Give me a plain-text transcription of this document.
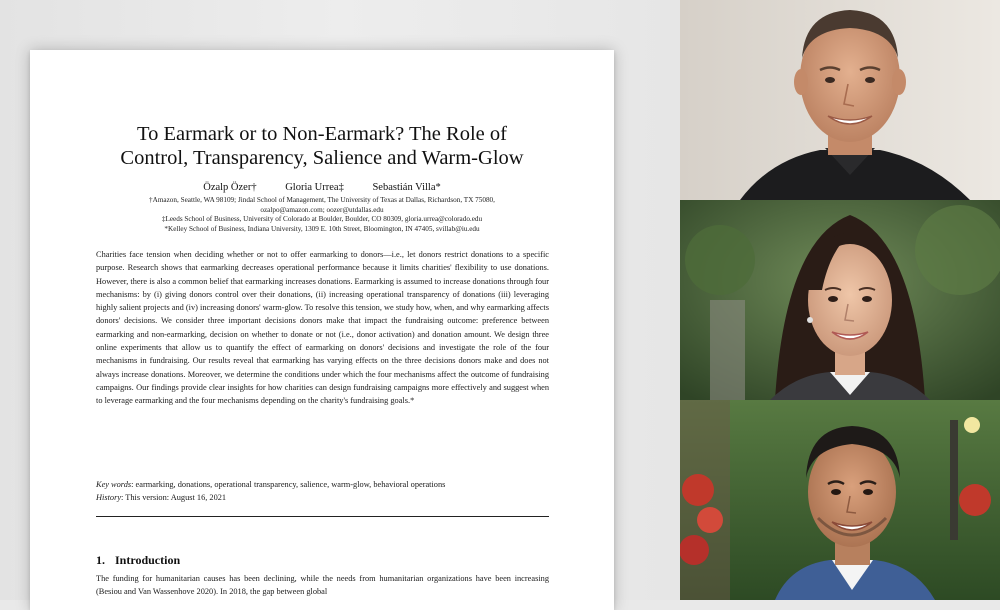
To Earmark or to Non-Earmark? The Role of
Control, Transparency, Salience and Warm-Glow
Özalp Özer†	Gloria Urrea‡	Sebastián Villa*
†Amazon, Seattle, WA 98109; Jindal School of Management, The University of Texas at Dallas, Richardson, TX 75080,
ozalpo@amazon.com; oozer@utdallas.edu
‡Leeds School of Business, University of Colorado at Boulder, Boulder, CO 80309, gloria.urrea@colorado.edu
*Kelley School of Business, Indiana University, 1309 E. 10th Street, Bloomington, IN 47405, svillab@iu.edu
Charities face tension when deciding whether or not to offer earmarking to donors—i.e., let donors restrict donations to a specific purpose. Research shows that earmarking decreases operational performance because it limits charities' flexibility to use donations. However, there is also a common belief that earmarking increases donations. Earmarking is assumed to increase donations through four mechanisms: by (i) giving donors control over their donations, (ii) increasing operational transparency of donations (iii) leveraging highly salient projects and (iv) increasing donors' warm-glow. To resolve this tension, we study how, when, and why earmarking affects donors' decisions. We consider three important decisions donors make that impact the fundraising outcome: preference between earmarking and non-earmarking, decision on whether to donate or not (i.e., donor activation) and donation amount. We design three online experiments that allow us to quantify the effect of earmarking on donors' decisions and investigate the role of the four mechanisms in fundraising. Our results reveal that earmarking has varying effects on the three decisions donors make and does not always increase donations. Moreover, we determine the conditions under which the four mechanisms affect the outcome of fundraising campaigns. Our findings provide clear insights for how charities can design fundraising campaigns more effectively and suggest when to leverage earmarking and the four mechanisms depending on the charity's fundraising goals.*
Key words: earmarking, donations, operational transparency, salience, warm-glow, behavioral operations
History: This version: August 16, 2021
1. Introduction
The funding for humanitarian causes has been declining, while the needs from humanitarian organizations have been increasing (Besiou and Van Wassenhove 2020). In 2018, the gap between global
